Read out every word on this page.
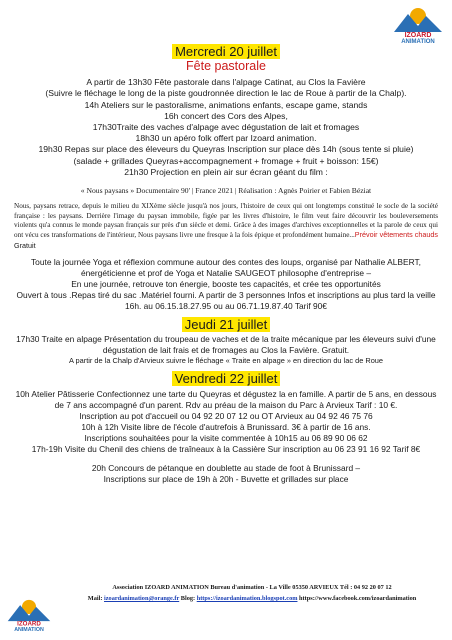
IZOARD
ANIMATION
Mercredi 20 juillet
Fête pastorale

A partir de 13h30 Fête pastorale dans l'alpage Catinat, au Clos la Favière

(Suivre le fléchage le long de la piste goudronnée direction le lac de Roue à partir de la Chalp).

14h Ateliers sur le pastoralisme, animations enfants, escape game, stands

16h concert des Cors des Alpes,

17h30Traite des vaches d'alpage avec dégustation de lait et fromages

18h30 un apéro folk offert par Izoard animation.

19h30 Repas sur place des éleveurs du Queyras Inscription sur place dès 14h (sous tente si pluie)

(salade + grillades Queyras+accompagnement + fromage + fruit + boisson: 15€)

21h30 Projection en plein air sur écran géant du film :

« Nous paysans » Documentaire 90' | France 2021 | Réalisation : Agnès Poirier et Fabien Béziat
Nous, paysans retrace, depuis le milieu du XIXème siècle jusqu'à nos jours, l'histoire de ceux qui ont longtemps constitué le socle de la société française : les paysans. Derrière l'image du paysan immobile, figée par les livres d'histoire, le film veut faire découvrir les bouleversements violents qu'a connus le monde paysan français sur près d'un siècle et demi. Grâce à des images d'archives exceptionnelles et la parole de ceux qui ont vécu ces transformations de l'intérieur, Nous paysans livre une fresque à la fois épique et profondément humaine...Prévoir vêtements chauds Gratuit

Toute la journée Yoga et réflexion commune autour des contes des loups, organisé par Nathalie ALBERT, énergéticienne et prof de Yoga et Natalie SAUGEOT philosophe d'entreprise –

En une journée, retrouve ton énergie, booste tes capacités, et crée tes opportunités

Ouvert à tous .Repas tiré du sac .Matériel fourni. A partir de 3 personnes Infos et inscriptions au plus tard la veille 16h. au 06.15.18.27.95 ou au 06.71.19.87.40 Tarif 90€

Jeudi 21 juillet

17h30 Traite en alpage Présentation du troupeau de vaches et de la traite mécanique par les éleveurs suivi d'une dégustation de lait frais et de fromages au Clos la Favière. Gratuit.

A partir de la Chalp d'Arvieux suivre le fléchage « Traite en alpage » en direction du lac de Roue

Vendredi 22 juillet

10h Atelier Pâtisserie Confectionnez une tarte du Queyras et dégustez la en famille. A partir de 5 ans, en dessous de 7 ans accompagné d'un parent. Rdv au préau de la maison du Parc à Arvieux Tarif : 10 €.

Inscription au pot d'accueil ou 04 92 20 07 12 ou OT Arvieux au 04 92 46 75 76

10h à 12h Visite libre de l'école d'autrefois à Brunissard. 3€ à partir de 16 ans.

Inscriptions souhaitées pour la visite commentée à 10h15 au 06 89 90 06 62

17h-19h Visite du Chenil des chiens de traîneaux à la Cassière Sur inscription au 06 23 91 16 92 Tarif 8€

20h Concours de pétanque en doublette au stade de foot à Brunissard –

Inscriptions sur place de 19h à 20h - Buvette et grillades sur place

IZOARD
ANIMATION
Association IZOARD ANIMATION Bureau d'animation - La Ville 05350 ARVIEUX Tél : 04 92 20 07 12
Mail: izoardanimation@orange.fr Blog: https://izoardanimation.blogspot.com https://www.facebook.com/izoardanimation
